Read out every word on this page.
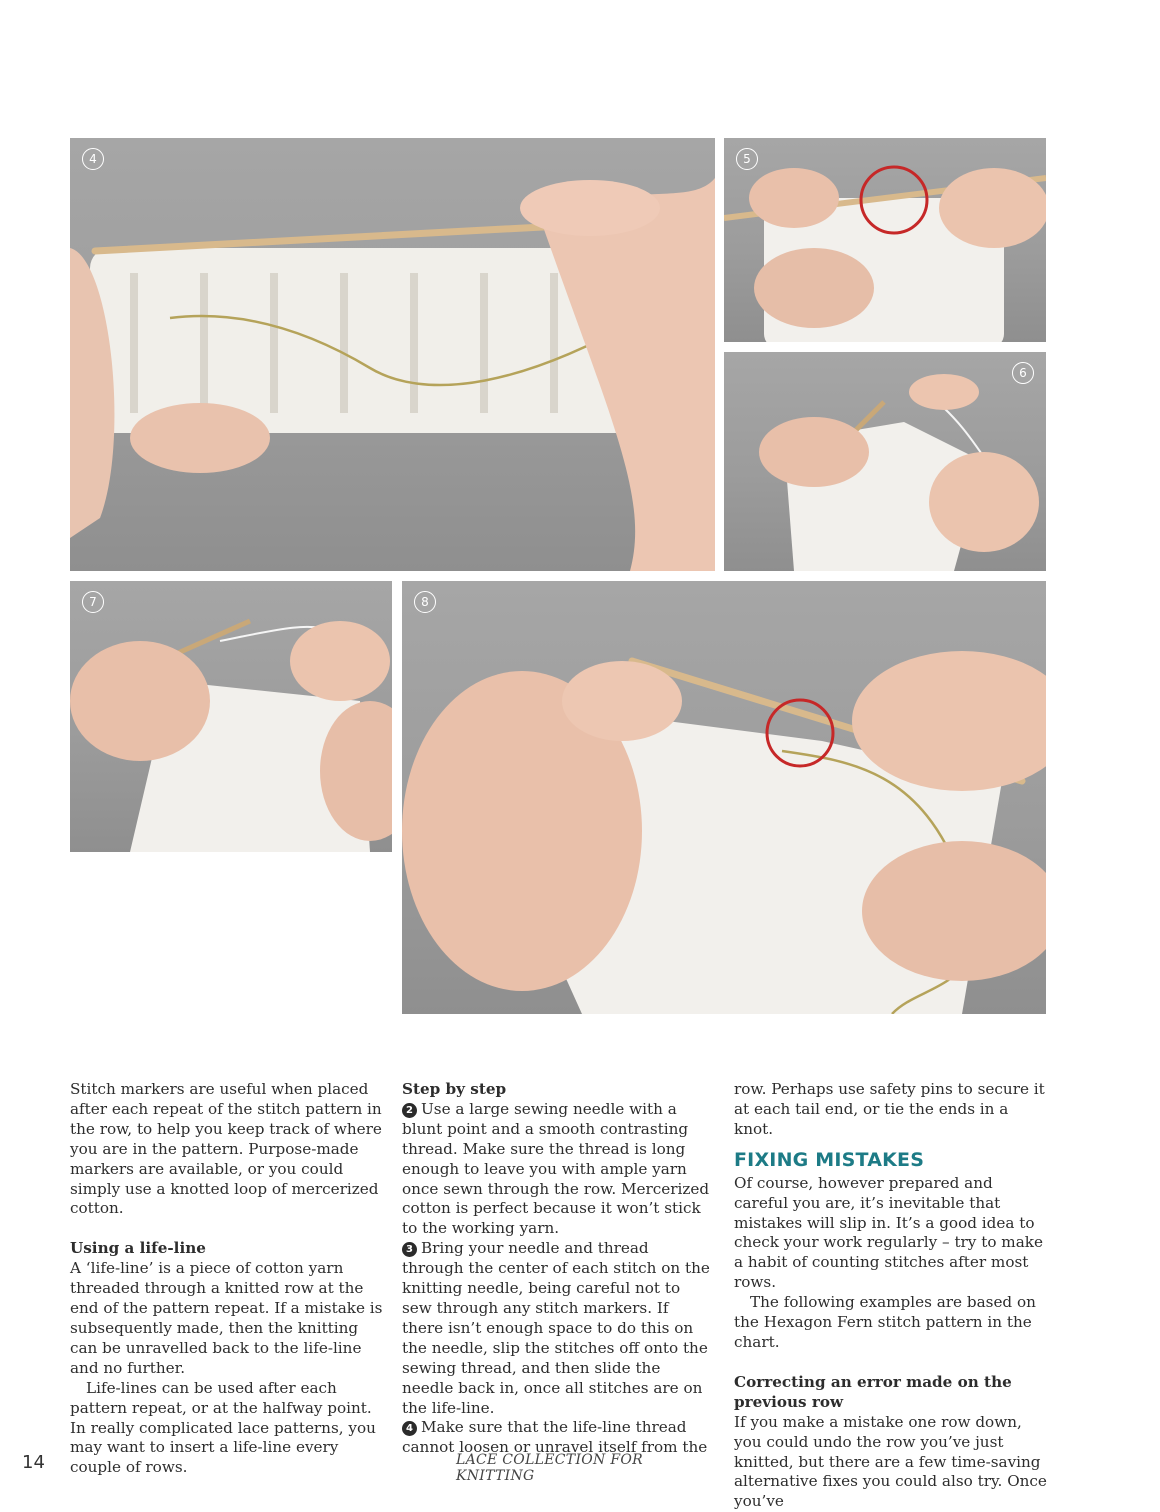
4	5
6
7	8

Stitch markers are useful when placed after each repeat of the stitch pattern in the row, to help you keep track of where you are in the pattern. Purpose-made markers are available, or you could simply use a knotted loop of mercerized cotton.

Using a life-line

A ‘life-line’ is a piece of cotton yarn threaded through a knitted row at the end of the pattern repeat. If a mistake is subsequently made, then the knitting can be unravelled back to the life-line and no further.

Life-lines can be used after each pattern repeat, or at the halfway point. In really complicated lace patterns, you may want to insert a life-line every couple of rows.

Step by step

2 Use a large sewing needle with a blunt point and a smooth contrasting thread. Make sure the thread is long enough to leave you with ample yarn once sewn through the row. Mercerized cotton is perfect because it won’t stick to the working yarn.

3 Bring your needle and thread through the center of each stitch on the knitting needle, being careful not to sew through any stitch markers. If there isn’t enough space to do this on the needle, slip the stitches off onto the sewing thread, and then slide the needle back in, once all stitches are on the life-line.

4 Make sure that the life-line thread cannot loosen or unravel itself from the

row. Perhaps use safety pins to secure it at each tail end, or tie the ends in a knot.

FIXING MISTAKES

Of course, however prepared and careful you are, it’s inevitable that mistakes will slip in. It’s a good idea to check your work regularly – try to make a habit of counting stitches after most rows.

The following examples are based on the Hexagon Fern stitch pattern in the chart.

Correcting an error made on the previous row

If you make a mistake one row down, you could undo the row you’ve just knitted, but there are a few time-saving alternative fixes you could also try. Once you’ve

14	LACE COLLECTION FOR KNITTING
